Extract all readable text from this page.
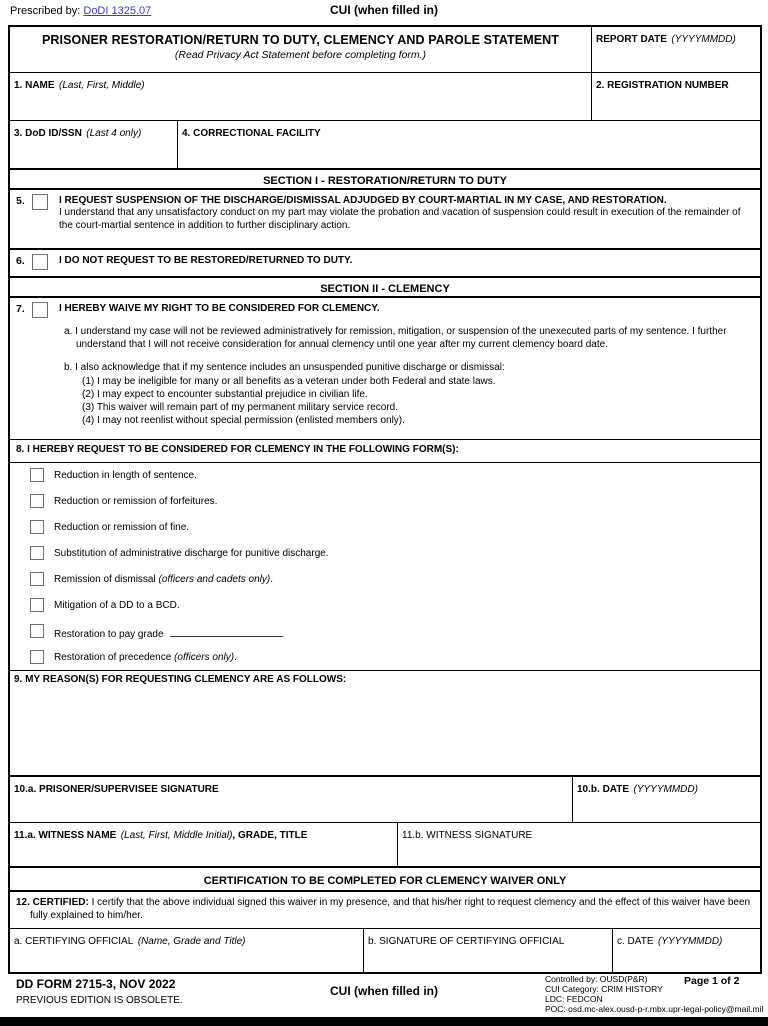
Prescribed by: DoDI 1325.07	CUI (when filled in)
PRISONER RESTORATION/RETURN TO DUTY, CLEMENCY AND PAROLE STATEMENT
(Read Privacy Act Statement before completing form.)
REPORT DATE (YYYYMMDD)
1. NAME (Last, First, Middle)	2. REGISTRATION NUMBER
3. DoD ID/SSN (Last 4 only)	4. CORRECTIONAL FACILITY
SECTION I - RESTORATION/RETURN TO DUTY
5.	I REQUEST SUSPENSION OF THE DISCHARGE/DISMISSAL ADJUDGED BY COURT-MARTIAL IN MY CASE, AND RESTORATION.
I understand that any unsatisfactory conduct on my part may violate the probation and vacation of suspension could result in execution of the remainder of the court-martial sentence in addition to further disciplinary action.
6.	I DO NOT REQUEST TO BE RESTORED/RETURNED TO DUTY.
SECTION II - CLEMENCY
7.	I HEREBY WAIVE MY RIGHT TO BE CONSIDERED FOR CLEMENCY.
a. I understand my case will not be reviewed administratively for remission, mitigation, or suspension of the unexecuted parts of my sentence. I further understand that I will not receive consideration for annual clemency until one year after my current clemency board date.
b. I also acknowledge that if my sentence includes an unsuspended punitive discharge or dismissal:
(1) I may be ineligible for many or all benefits as a veteran under both Federal and state laws.
(2) I may expect to encounter substantial prejudice in civilian life.
(3) This waiver will remain part of my permanent military service record.
(4) I may not reenlist without special permission (enlisted members only).
8. I HEREBY REQUEST TO BE CONSIDERED FOR CLEMENCY IN THE FOLLOWING FORM(S):
Reduction in length of sentence.
Reduction or remission of forfeitures.
Reduction or remission of fine.
Substitution of administrative discharge for punitive discharge.
Remission of dismissal (officers and cadets only).
Mitigation of a DD to a BCD.
Restoration to pay grade	.
Restoration of precedence (officers only).
9. MY REASON(S) FOR REQUESTING CLEMENCY ARE AS FOLLOWS:
10.a. PRISONER/SUPERVISEE SIGNATURE	10.b. DATE (YYYYMMDD)
11.a. WITNESS NAME (Last, First, Middle Initial), GRADE, TITLE	11.b. WITNESS SIGNATURE
CERTIFICATION TO BE COMPLETED FOR CLEMENCY WAIVER ONLY
12. CERTIFIED: I certify that the above individual signed this waiver in my presence, and that his/her right to request clemency and the effect of this waiver have been fully explained to him/her.
a. CERTIFYING OFFICIAL (Name, Grade and Title)	b. SIGNATURE OF CERTIFYING OFFICIAL	c. DATE (YYYYMMDD)
DD FORM 2715-3, NOV 2022
PREVIOUS EDITION IS OBSOLETE.
CUI (when filled in)
Controlled by: OUSD(P&R)
CUI Category: CRIM HISTORY
LDC: FEDCON
POC: osd.mc-alex.ousd-p-r.mbx.upr-legal-policy@mail.mil
Page 1 of 2
